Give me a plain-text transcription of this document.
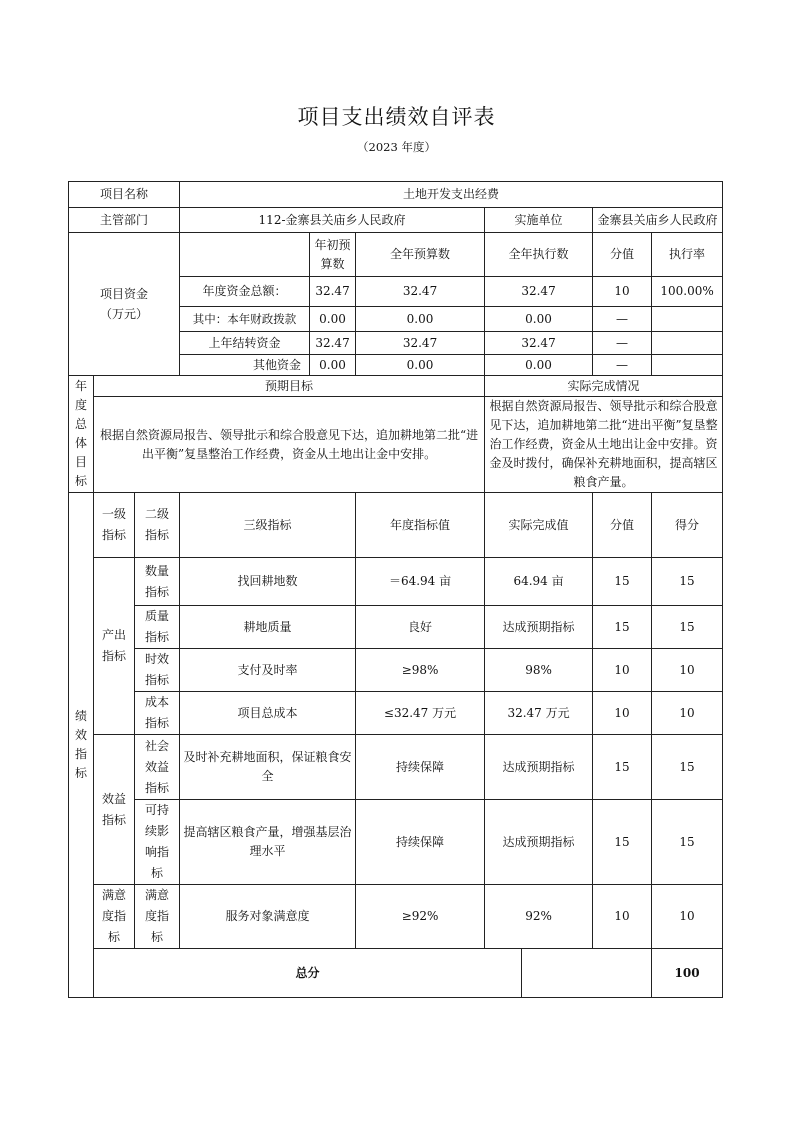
项目支出绩效自评表
（2023 年度）
项目名称			土地开发支出经费							
主管部门			112-金寨县关庙乡人民政府			实施单位		金寨县关庙乡人民政府		
项目资金（万元）				年初预算数	全年预算数	全年执行数		分值	执行率	
			年度资金总额：	32.47	32.47	32.47		10	100.00%	
			其中：本年财政拨款	0.00	0.00	0.00		—		
			上年结转资金	32.47	32.47	32.47		—		
			其他资金	0.00	0.00	0.00		—		
年度总体目标	预期目标					实际完成情况				
	根据自然资源局报告、领导批示和综合股意见下达，追加耕地第二批“进出平衡”复垦整治工作经费，资金从土地出让金中安排。					根据自然资源局报告、领导批示和综合股意见下达，追加耕地第二批“进出平衡”复垦整治工作经费，资金从土地出让金中安排。资金及时拨付，确保补充耕地面积，提高辖区粮食产量。				
绩效指标	一级指标	二级指标	三级指标		年度指标值	实际完成值		分值	得分	
	产出指标	数量指标	找回耕地数		＝64.94 亩	64.94 亩		15	15	
		质量指标	耕地质量		良好	达成预期指标		15	15	
		时效指标	支付及时率		≥98%	98%		10	10	
		成本指标	项目总成本		≤32.47 万元	32.47 万元		10	10	
	效益指标	社会效益指标	及时补充耕地面积，保证粮食安全		持续保障	达成预期指标		15	15	
		可持续影响指标	提高辖区粮食产量，增强基层治理水平		持续保障	达成预期指标		15	15	
	满意度指标	满意度指标	服务对象满意度		≥92%	92%		10	10	
	总分								100		
